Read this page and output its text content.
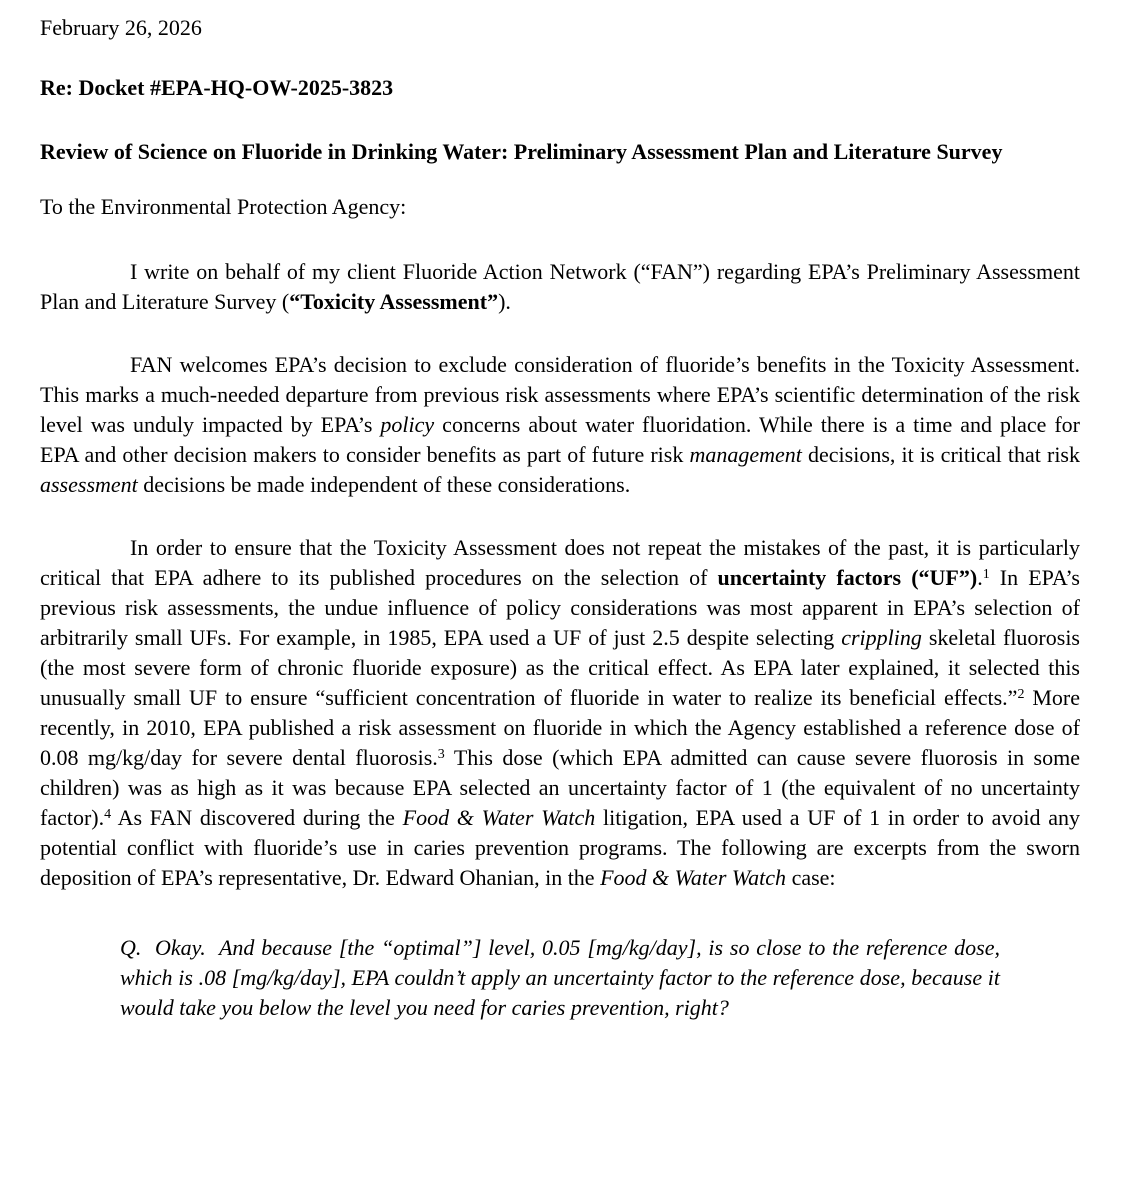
February 26, 2026

Re: Docket #EPA-HQ-OW-2025-3823

Review of Science on Fluoride in Drinking Water: Preliminary Assessment Plan and Literature Survey

To the Environmental Protection Agency:

I write on behalf of my client Fluoride Action Network (“FAN”) regarding EPA’s Preliminary Assessment Plan and Literature Survey (“Toxicity Assessment”).

FAN welcomes EPA’s decision to exclude consideration of fluoride’s benefits in the Toxicity Assessment. This marks a much-needed departure from previous risk assessments where EPA’s scientific determination of the risk level was unduly impacted by EPA’s policy concerns about water fluoridation. While there is a time and place for EPA and other decision makers to consider benefits as part of future risk management decisions, it is critical that risk assessment decisions be made independent of these considerations.

In order to ensure that the Toxicity Assessment does not repeat the mistakes of the past, it is particularly critical that EPA adhere to its published procedures on the selection of uncertainty factors (“UF”).$^1$ In EPA’s previous risk assessments, the undue influence of policy considerations was most apparent in EPA’s selection of arbitrarily small UFs. For example, in 1985, EPA used a UF of just 2.5 despite selecting crippling skeletal fluorosis (the most severe form of chronic fluoride exposure) as the critical effect. As EPA later explained, it selected this unusually small UF to ensure “sufficient concentration of fluoride in water to realize its beneficial effects.”$^2$ More recently, in 2010, EPA published a risk assessment on fluoride in which the Agency established a reference dose of 0.08 mg/kg/day for severe dental fluorosis.$^3$ This dose (which EPA admitted can cause severe fluorosis in some children) was as high as it was because EPA selected an uncertainty factor of 1 (the equivalent of no uncertainty factor).$^4$ As FAN discovered during the Food & Water Watch litigation, EPA used a UF of 1 in order to avoid any potential conflict with fluoride’s use in caries prevention programs. The following are excerpts from the sworn deposition of EPA’s representative, Dr. Edward Ohanian, in the Food & Water Watch case:

Q.  Okay.  And because [the “optimal”] level, 0.05 [mg/kg/day], is so close to the reference dose, which is .08 [mg/kg/day], EPA couldn’t apply an uncertainty factor to the reference dose, because it would take you below the level you need for caries prevention, right?
